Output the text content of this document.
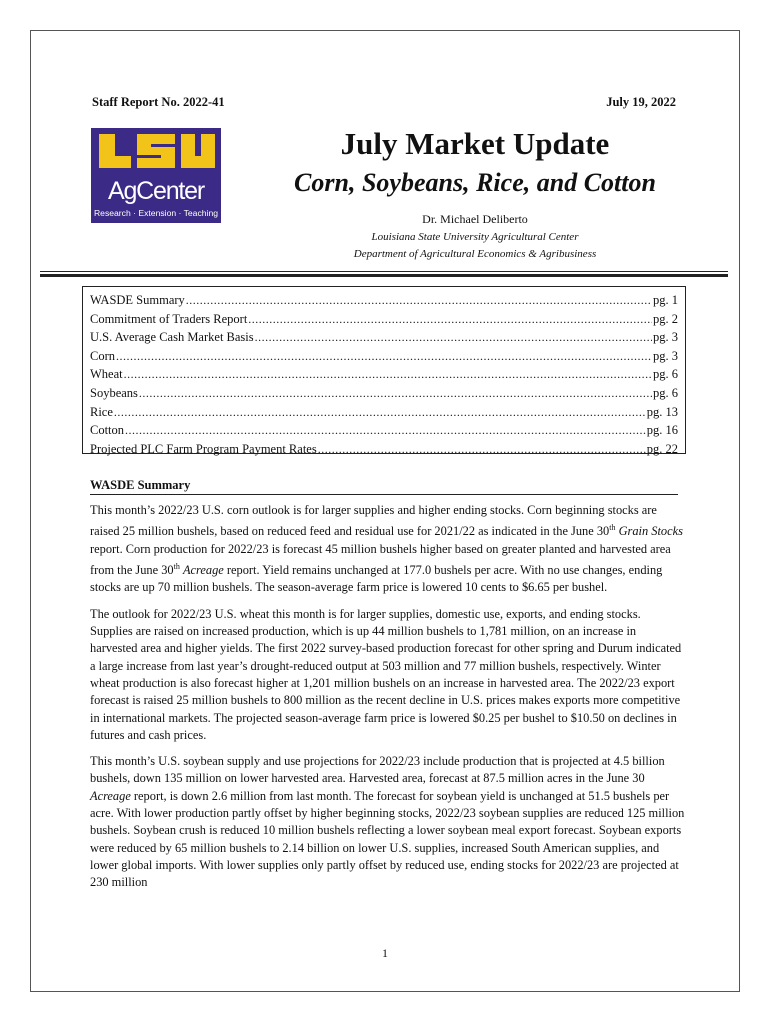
Staff Report No. 2022-41	July 19, 2022
AgCenter
Research · Extension · Teaching
July Market Update
Corn, Soybeans, Rice, and Cotton
Dr. Michael Deliberto
Louisiana State University Agricultural Center
Department of Agricultural Economics & Agribusiness
WASDE Summary .....	pg. 1
Commitment of Traders Report .....	pg. 2
U.S. Average Cash Market Basis .....	pg. 3
Corn .....	pg. 3
Wheat .....	pg. 6
Soybeans .....	pg. 6
Rice .....	pg. 13
Cotton .....	pg. 16
Projected PLC Farm Program Payment Rates .....	pg. 22
WASDE Summary

This month’s 2022/23 U.S. corn outlook is for larger supplies and higher ending stocks. Corn beginning stocks are raised 25 million bushels, based on reduced feed and residual use for 2021/22 as indicated in the June 30th Grain Stocks report. Corn production for 2022/23 is forecast 45 million bushels higher based on greater planted and harvested area from the June 30th Acreage report. Yield remains unchanged at 177.0 bushels per acre. With no use changes, ending stocks are up 70 million bushels. The season-average farm price is lowered 10 cents to $6.65 per bushel.

The outlook for 2022/23 U.S. wheat this month is for larger supplies, domestic use, exports, and ending stocks. Supplies are raised on increased production, which is up 44 million bushels to 1,781 million, on an increase in harvested area and higher yields. The first 2022 survey-based production forecast for other spring and Durum indicated a large increase from last year’s drought-reduced output at 503 million and 77 million bushels, respectively. Winter wheat production is also forecast higher at 1,201 million bushels on an increase in harvested area. The 2022/23 export forecast is raised 25 million bushels to 800 million as the recent decline in U.S. prices makes exports more competitive in international markets. The projected season-average farm price is lowered $0.25 per bushel to $10.50 on declines in futures and cash prices.

This month’s U.S. soybean supply and use projections for 2022/23 include production that is projected at 4.5 billion bushels, down 135 million on lower harvested area. Harvested area, forecast at 87.5 million acres in the June 30 Acreage report, is down 2.6 million from last month. The forecast for soybean yield is unchanged at 51.5 bushels per acre. With lower production partly offset by higher beginning stocks, 2022/23 soybean supplies are reduced 125 million bushels. Soybean crush is reduced 10 million bushels reflecting a lower soybean meal export forecast. Soybean exports were reduced by 65 million bushels to 2.14 billion on lower U.S. supplies, increased South American supplies, and lower global imports. With lower supplies only partly offset by reduced use, ending stocks for 2022/23 are projected at 230 million

1
